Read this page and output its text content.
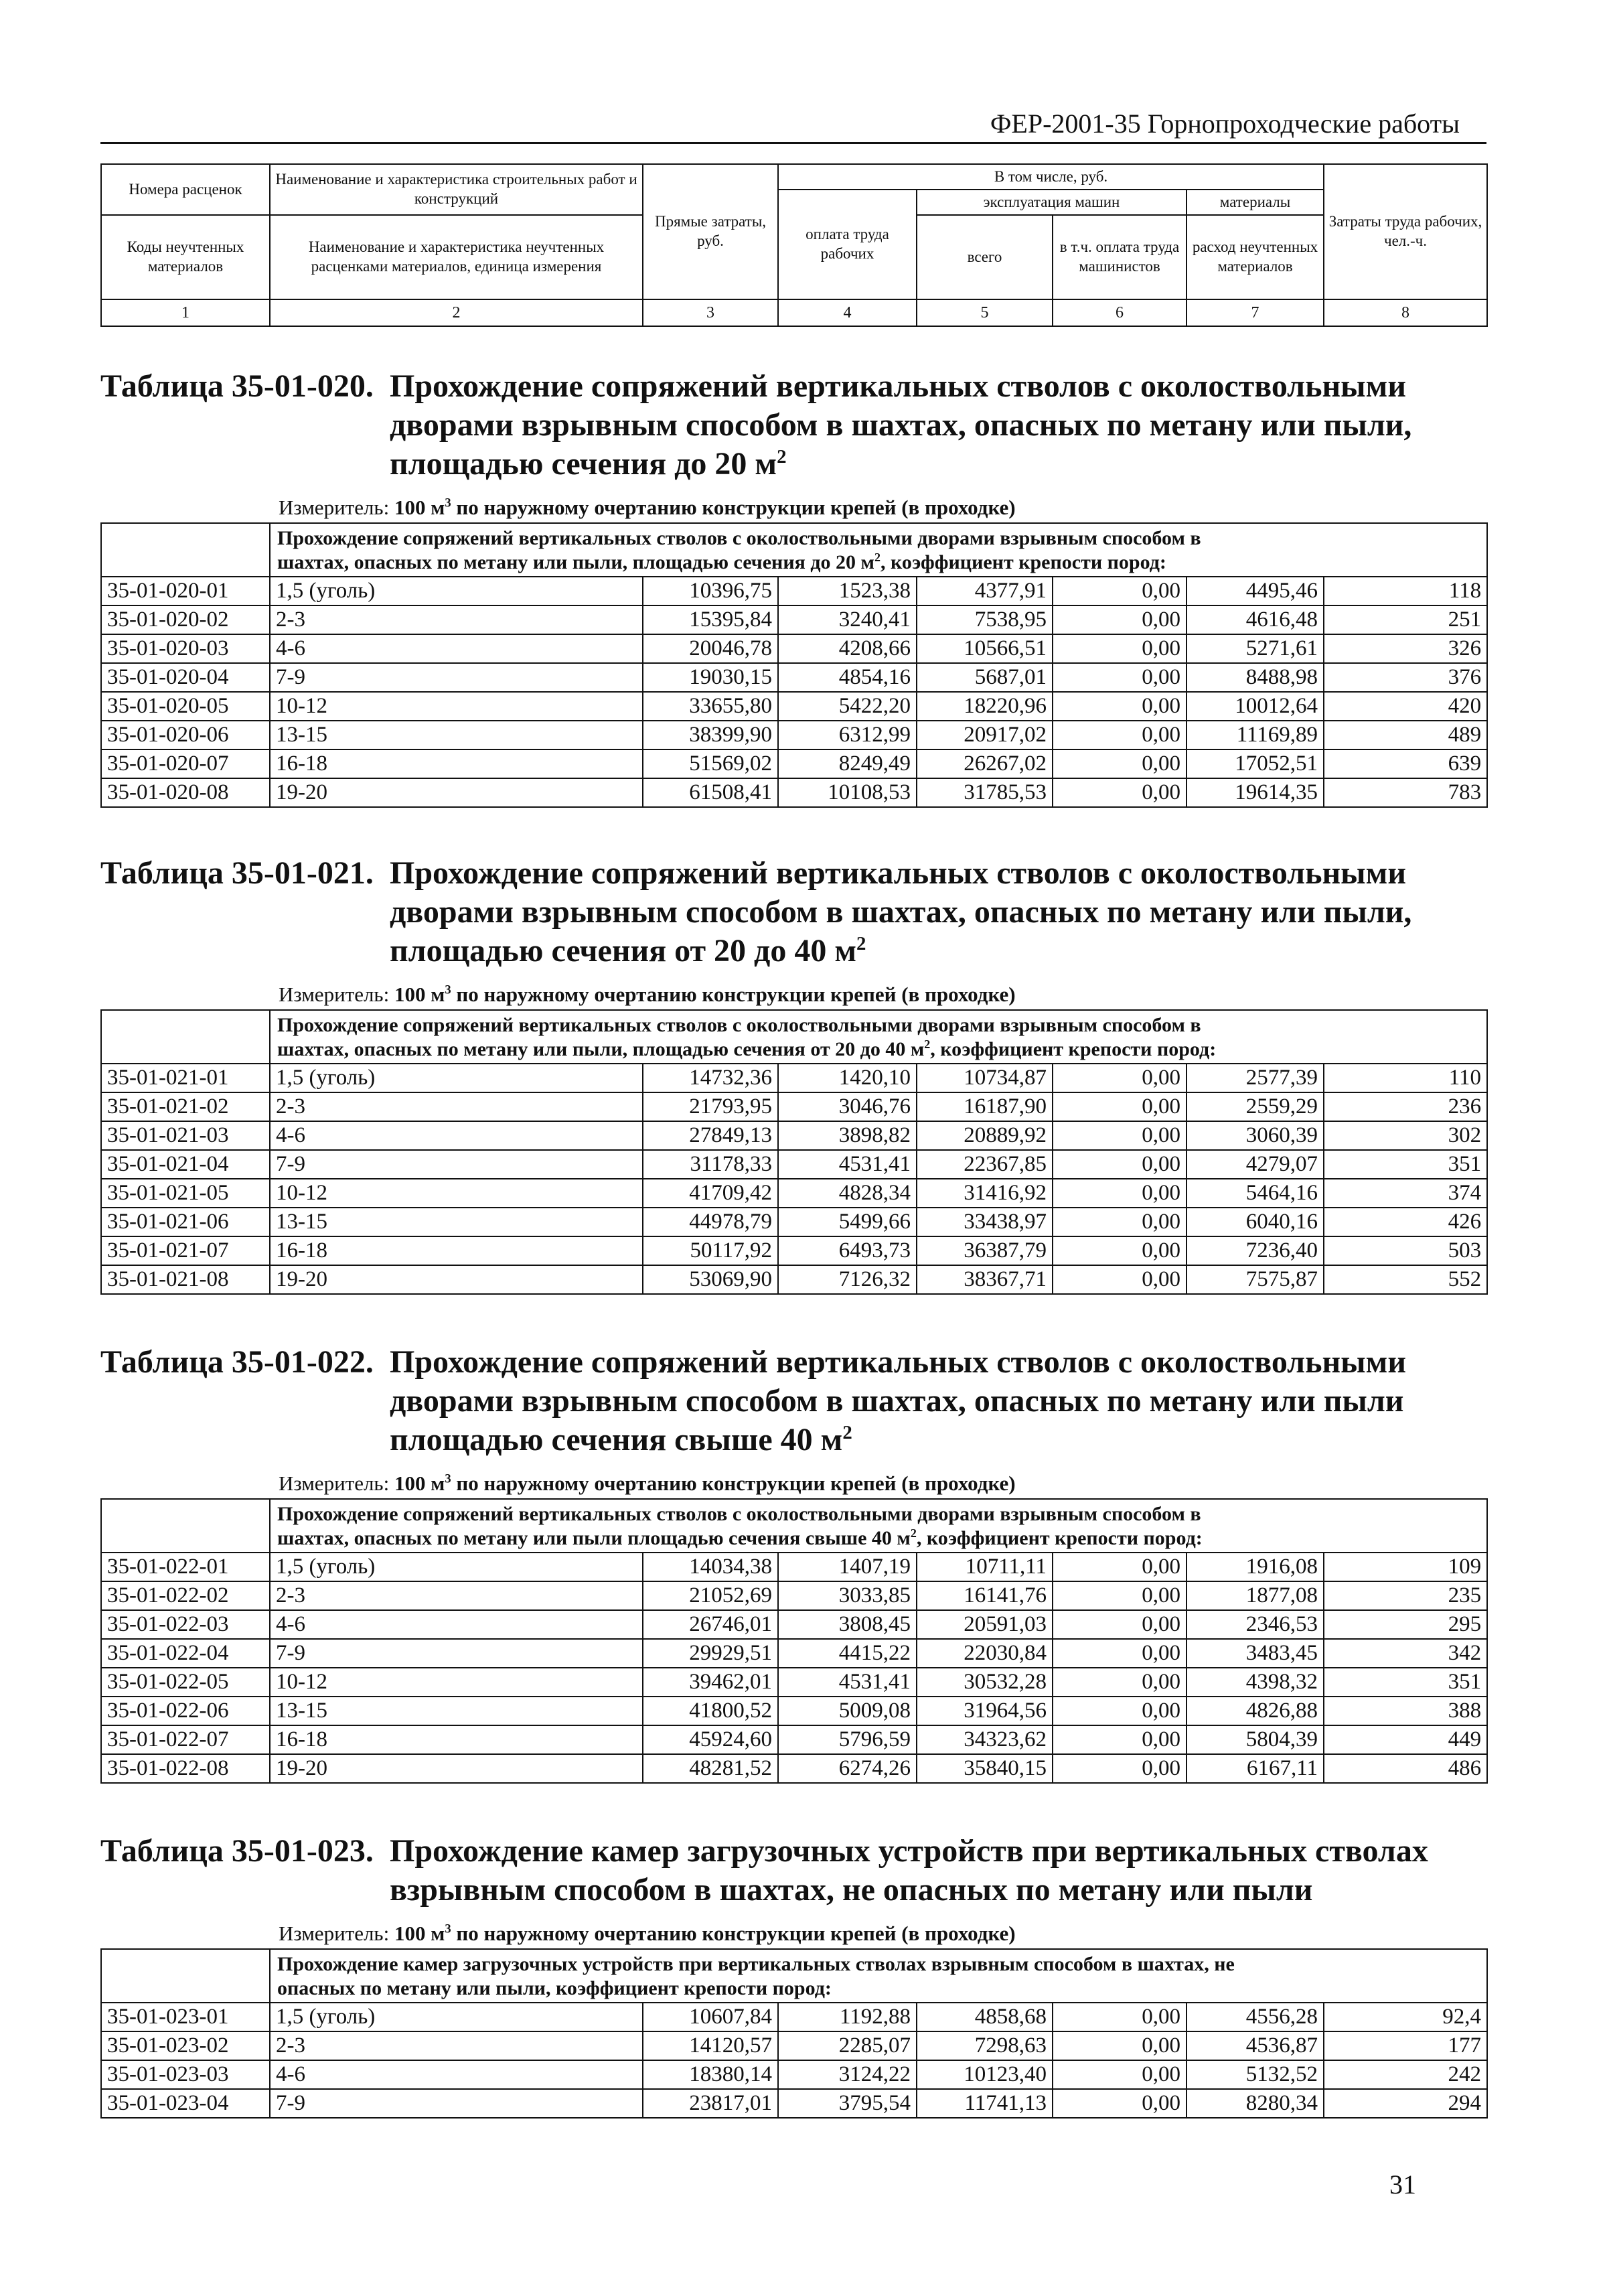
ФЕР-2001-35 Горнопроходческие работы
Номера расценок	Наименование и характеристика строительных работ и конструкций	Прямые затраты, руб.	В том числе, руб.				Затраты труда рабочих, чел.-ч.
			оплата труда рабочих	эксплуатация машин		материалы	
Коды неучтенных материалов	Наименование и характеристика неучтенных расценками материалов, единица измерения			всего	в т.ч. оплата труда машинистов	расход неучтенных материалов	

1	2	3	4	5	6	7	8
Таблица 35-01-020. Прохождение сопряжений вертикальных стволов с околоствольными
дворами взрывным способом в шахтах, опасных по метану или пыли,
площадью сечения до 20 $м^2$
Измеритель: 100 $м^3$ по наружному очертанию конструкции крепей (в проходке)

	Прохождение сопряжений вертикальных стволов с околоствольными дворами взрывным способом в
шахтах, опасных по метану или пыли, площадью сечения до 20 $м^2$, коэффициент крепости пород:						

35-01-020-01	1,5 (уголь)	10396,75	1523,38	4377,91	0,00	4495,46	118
35-01-020-02	2-3	15395,84	3240,41	7538,95	0,00	4616,48	251
35-01-020-03	4-6	20046,78	4208,66	10566,51	0,00	5271,61	326
35-01-020-04	7-9	19030,15	4854,16	5687,01	0,00	8488,98	376
35-01-020-05	10-12	33655,80	5422,20	18220,96	0,00	10012,64	420
35-01-020-06	13-15	38399,90	6312,99	20917,02	0,00	11169,89	489
35-01-020-07	16-18	51569,02	8249,49	26267,02	0,00	17052,51	639
35-01-020-08	19-20	61508,41	10108,53	31785,53	0,00	19614,35	783
Таблица 35-01-021. Прохождение сопряжений вертикальных стволов с околоствольными
дворами взрывным способом в шахтах, опасных по метану или пыли,
площадью сечения от 20 до 40 $м^2$
Измеритель: 100 $м^3$ по наружному очертанию конструкции крепей (в проходке)

	Прохождение сопряжений вертикальных стволов с околоствольными дворами взрывным способом в
шахтах, опасных по метану или пыли, площадью сечения от 20 до 40 $м^2$, коэффициент крепости пород:						

35-01-021-01	1,5 (уголь)	14732,36	1420,10	10734,87	0,00	2577,39	110
35-01-021-02	2-3	21793,95	3046,76	16187,90	0,00	2559,29	236
35-01-021-03	4-6	27849,13	3898,82	20889,92	0,00	3060,39	302
35-01-021-04	7-9	31178,33	4531,41	22367,85	0,00	4279,07	351
35-01-021-05	10-12	41709,42	4828,34	31416,92	0,00	5464,16	374
35-01-021-06	13-15	44978,79	5499,66	33438,97	0,00	6040,16	426
35-01-021-07	16-18	50117,92	6493,73	36387,79	0,00	7236,40	503
35-01-021-08	19-20	53069,90	7126,32	38367,71	0,00	7575,87	552
Таблица 35-01-022. Прохождение сопряжений вертикальных стволов с околоствольными
дворами взрывным способом в шахтах, опасных по метану или пыли
площадью сечения свыше 40 $м^2$
Измеритель: 100 $м^3$ по наружному очертанию конструкции крепей (в проходке)

	Прохождение сопряжений вертикальных стволов с околоствольными дворами взрывным способом в
шахтах, опасных по метану или пыли площадью сечения свыше 40 $м^2$, коэффициент крепости пород:						

35-01-022-01	1,5 (уголь)	14034,38	1407,19	10711,11	0,00	1916,08	109
35-01-022-02	2-3	21052,69	3033,85	16141,76	0,00	1877,08	235
35-01-022-03	4-6	26746,01	3808,45	20591,03	0,00	2346,53	295
35-01-022-04	7-9	29929,51	4415,22	22030,84	0,00	3483,45	342
35-01-022-05	10-12	39462,01	4531,41	30532,28	0,00	4398,32	351
35-01-022-06	13-15	41800,52	5009,08	31964,56	0,00	4826,88	388
35-01-022-07	16-18	45924,60	5796,59	34323,62	0,00	5804,39	449
35-01-022-08	19-20	48281,52	6274,26	35840,15	0,00	6167,11	486
Таблица 35-01-023. Прохождение камер загрузочных устройств при вертикальных стволах
взрывным способом в шахтах, не опасных по метану или пыли
Измеритель: 100 $м^3$ по наружному очертанию конструкции крепей (в проходке)

	Прохождение камер загрузочных устройств при вертикальных стволах взрывным способом в шахтах, не
опасных по метану или пыли, коэффициент крепости пород:						

35-01-023-01	1,5 (уголь)	10607,84	1192,88	4858,68	0,00	4556,28	92,4
35-01-023-02	2-3	14120,57	2285,07	7298,63	0,00	4536,87	177
35-01-023-03	4-6	18380,14	3124,22	10123,40	0,00	5132,52	242
35-01-023-04	7-9	23817,01	3795,54	11741,13	0,00	8280,34	294
31
